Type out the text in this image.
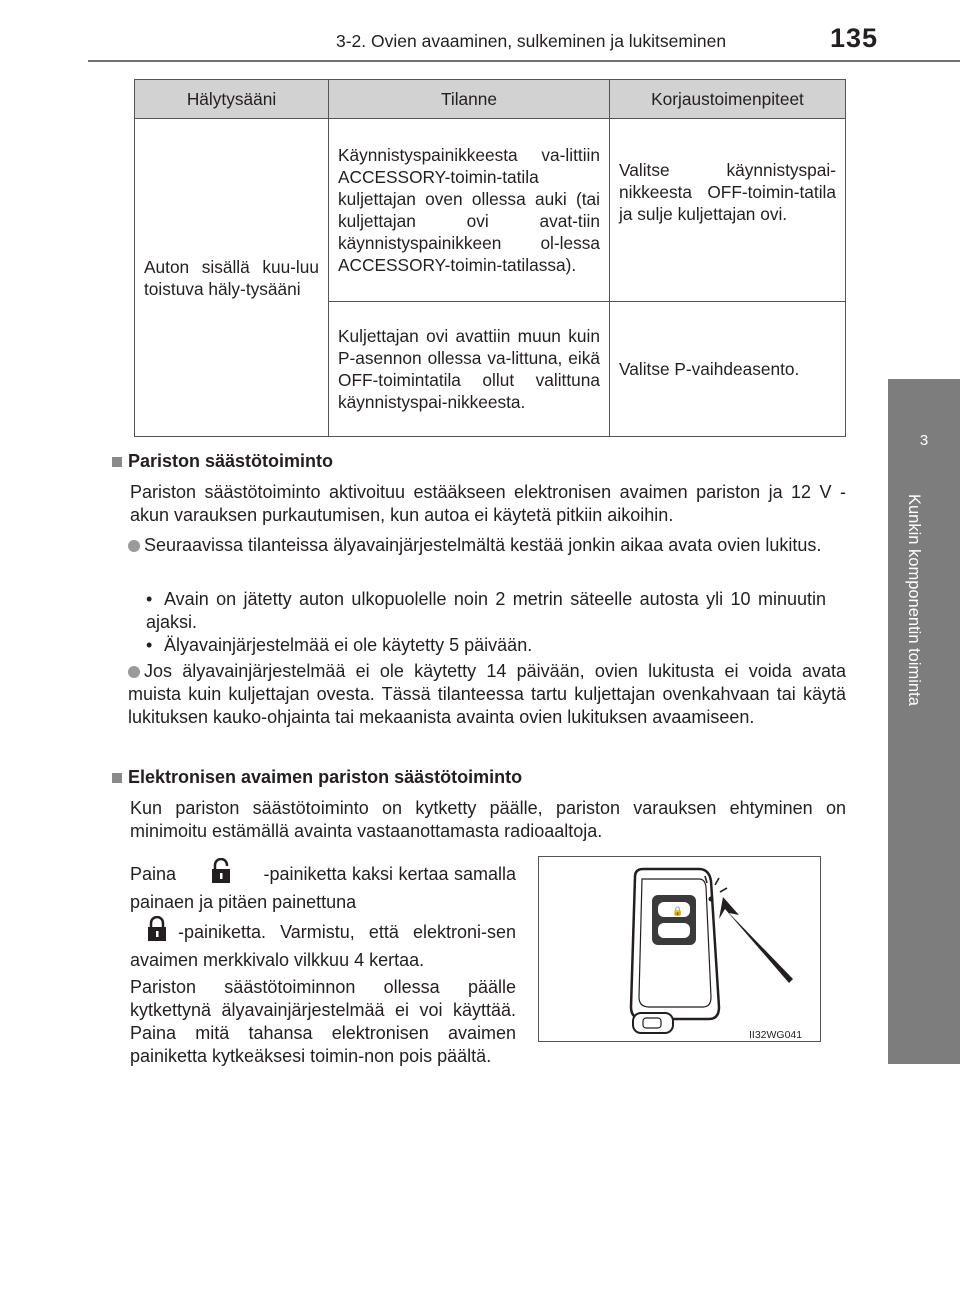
3-2. Ovien avaaminen, sulkeminen ja lukitseminen	135
3
Kunkin komponentin toiminta
Hälytysääni	Tilanne	Korjaustoimenpiteet
Auton sisällä kuu-luu toistuva häly-tysääni	Käynnistyspainikkeesta va-littiin ACCESSORY-toimin-tatila kuljettajan oven ollessa auki (tai kuljettajan ovi avat-tiin käynnistyspainikkeen ol-lessa ACCESSORY-toimin-tatilassa).	Valitse käynnistyspai-nikkeesta OFF-toimin-tatila ja sulje kuljettajan ovi.
	Kuljettajan ovi avattiin muun kuin P-asennon ollessa va-littuna, eikä OFF-toimintatila ollut valittuna käynnistyspai-nikkeesta.	Valitse P-vaihdeasento.
Pariston säästötoiminto
Pariston säästötoiminto aktivoituu estääkseen elektronisen avaimen pariston ja 12 V -akun varauksen purkautumisen, kun autoa ei käytetä pitkiin aikoihin.
Seuraavissa tilanteissa älyavainjärjestelmältä kestää jonkin aikaa avata ovien lukitus.
• Avain on jätetty auton ulkopuolelle noin 2 metrin säteelle autosta yli 10 minuutin ajaksi.
• Älyavainjärjestelmää ei ole käytetty 5 päivään.
Jos älyavainjärjestelmää ei ole käytetty 14 päivään, ovien lukitusta ei voida avata muista kuin kuljettajan ovesta. Tässä tilanteessa tartu kuljettajan ovenkahvaan tai käytä lukituksen kauko-ohjainta tai mekaanista avainta ovien lukituksen avaamiseen.
Elektronisen avaimen pariston säästötoiminto
Kun pariston säästötoiminto on kytketty päälle, pariston varauksen ehtyminen on minimoitu estämällä avainta vastaanottamasta radioaaltoja.
Paina	-painiketta kaksi kertaa samalla painaen ja pitäen painettuna
-painiketta. Varmistu, että elektroni-sen avaimen merkkivalo vilkkuu 4 kertaa.
Pariston säästötoiminnon ollessa päälle kytkettynä älyavainjärjestelmää ei voi käyttää. Paina mitä tahansa elektronisen avaimen painiketta kytkeäksesi toimin-non pois päältä.
🔒
II32WG041
